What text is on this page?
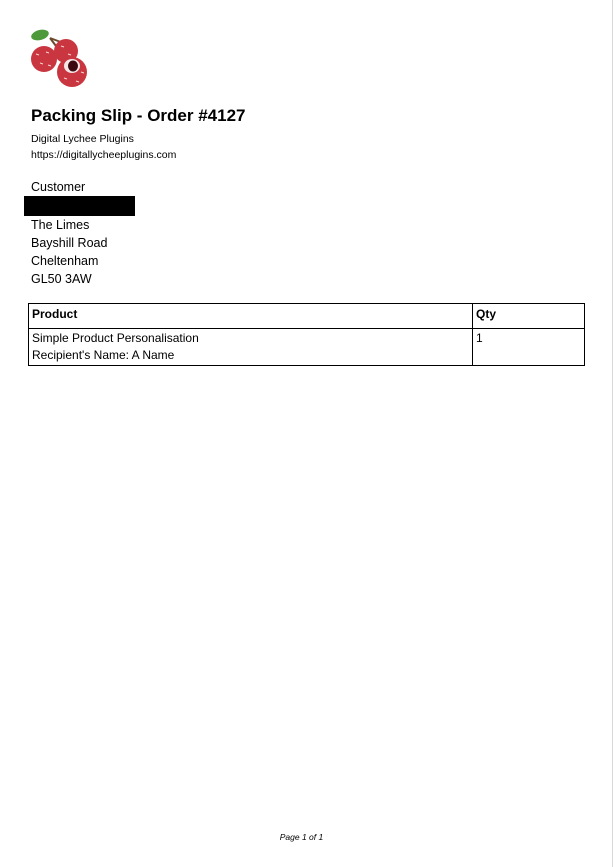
Packing Slip - Order #4127
Digital Lychee Plugins
https://digitallycheeplugins.com
Customer
The Limes
Bayshill Road
Cheltenham
GL50 3AW
Product	Qty

Simple Product Personalisation
Recipient's Name: A Name	1
Page 1 of 1
